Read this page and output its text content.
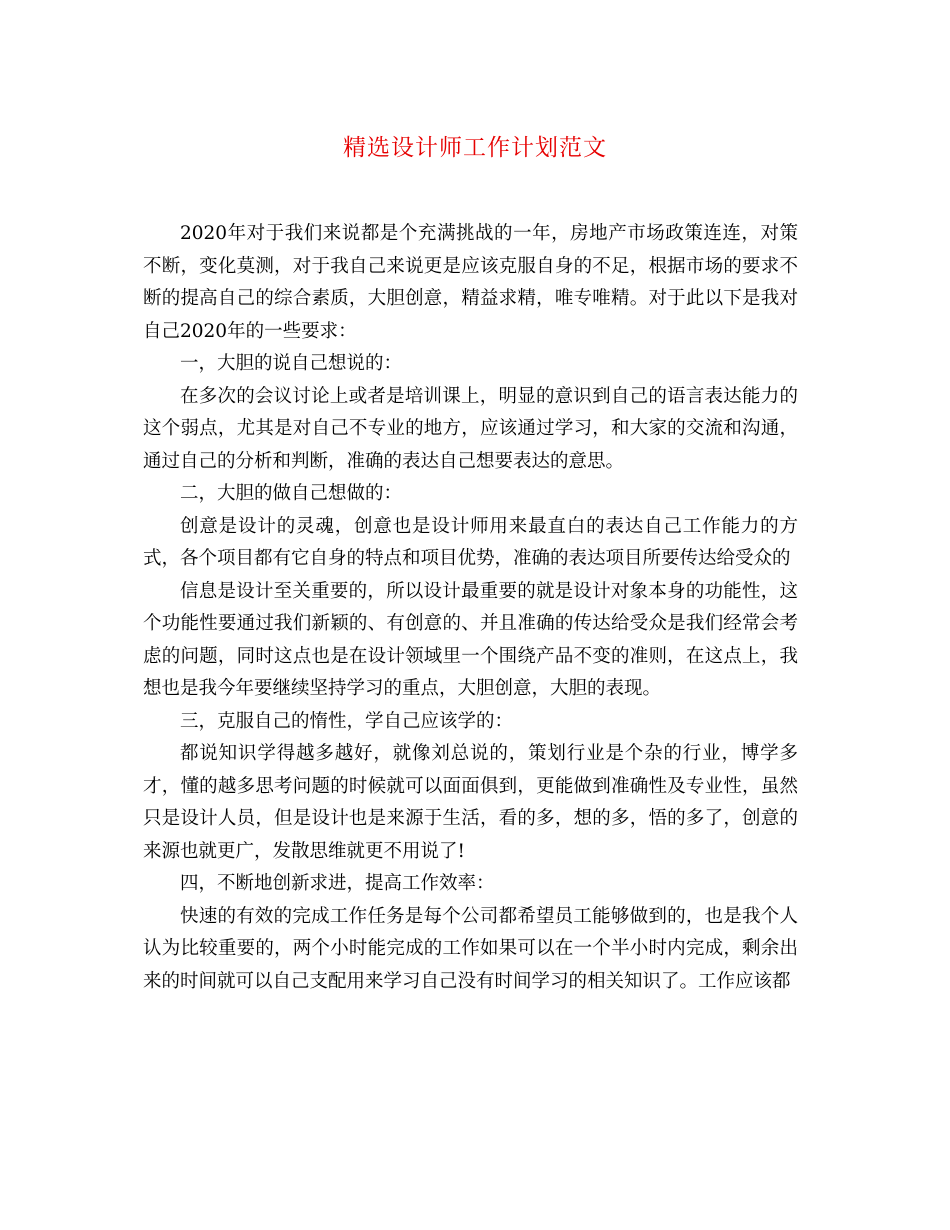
精选设计师工作计划范文

2020年对于我们来说都是个充满挑战的一年，房地产市场政策连连，对策不断，变化莫测，对于我自己来说更是应该克服自身的不足，根据市场的要求不断的提高自己的综合素质，大胆创意，精益求精，唯专唯精。对于此以下是我对自己2020年的一些要求：

一，大胆的说自己想说的：

在多次的会议讨论上或者是培训课上，明显的意识到自己的语言表达能力的这个弱点，尤其是对自己不专业的地方，应该通过学习，和大家的交流和沟通，通过自己的分析和判断，准确的表达自己想要表达的意思。

二，大胆的做自己想做的：

创意是设计的灵魂，创意也是设计师用来最直白的表达自己工作能力的方式，各个项目都有它自身的特点和项目优势，准确的表达项目所要传达给受众的

信息是设计至关重要的，所以设计最重要的就是设计对象本身的功能性，这个功能性要通过我们新颖的、有创意的、并且准确的传达给受众是我们经常会考虑的问题，同时这点也是在设计领域里一个围绕产品不变的准则，在这点上，我想也是我今年要继续坚持学习的重点，大胆创意，大胆的表现。

三，克服自己的惰性，学自己应该学的：

都说知识学得越多越好，就像刘总说的，策划行业是个杂的行业，博学多才，懂的越多思考问题的时候就可以面面俱到，更能做到准确性及专业性，虽然只是设计人员，但是设计也是来源于生活，看的多，想的多，悟的多了，创意的来源也就更广，发散思维就更不用说了!

四，不断地创新求进，提高工作效率：

快速的有效的完成工作任务是每个公司都希望员工能够做到的，也是我个人认为比较重要的，两个小时能完成的工作如果可以在一个半小时内完成，剩余出来的时间就可以自己支配用来学习自己没有时间学习的相关知识了。工作应该都
